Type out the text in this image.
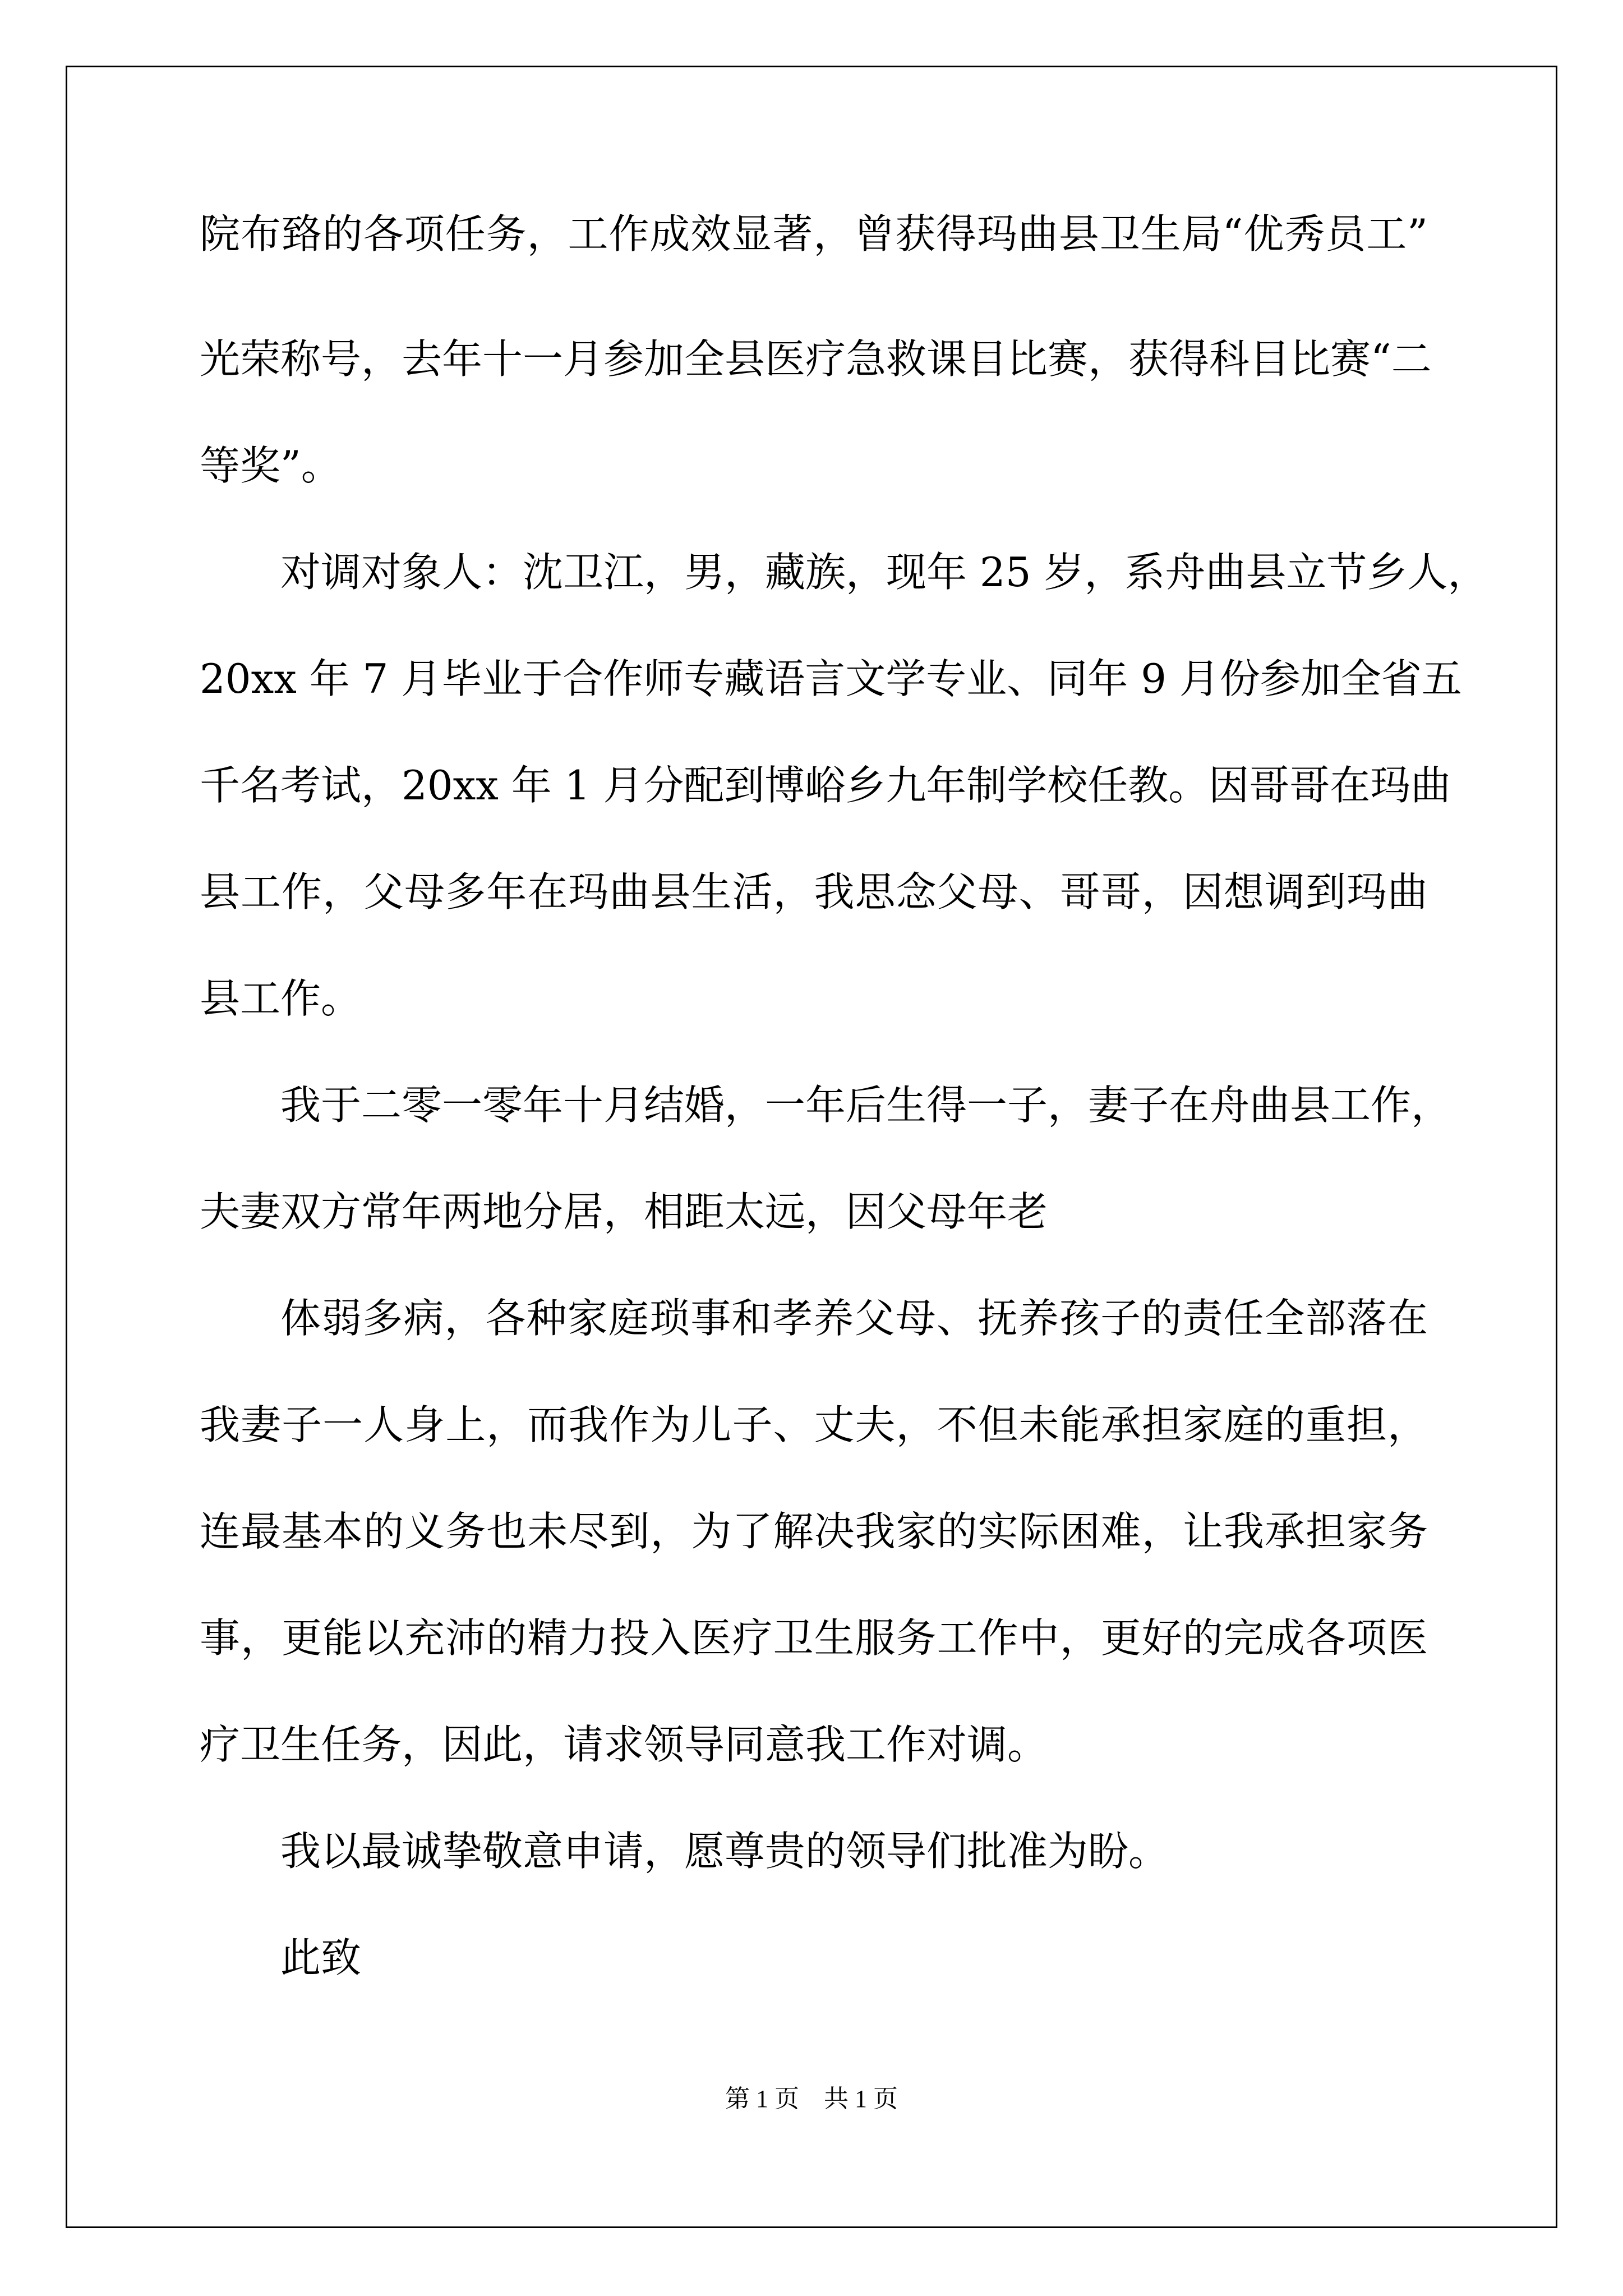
院布臵的各项任务，工作成效显著，曾获得玛曲县卫生局“优秀员工”
光荣称号，去年十一月参加全县医疗急救课目比赛，获得科目比赛“二
等奖”。
对调对象人：沈卫江，男，藏族，现年 25 岁，系舟曲县立节乡人，
20xx 年 7 月毕业于合作师专藏语言文学专业、同年 9 月份参加全省五
千名考试，20xx 年 1 月分配到博峪乡九年制学校任教。因哥哥在玛曲
县工作，父母多年在玛曲县生活，我思念父母、哥哥，因想调到玛曲
县工作。
我于二零一零年十月结婚，一年后生得一子，妻子在舟曲县工作，
夫妻双方常年两地分居，相距太远，因父母年老
体弱多病，各种家庭琐事和孝养父母、抚养孩子的责任全部落在
我妻子一人身上，而我作为儿子、丈夫，不但未能承担家庭的重担，
连最基本的义务也未尽到，为了解决我家的实际困难，让我承担家务
事，更能以充沛的精力投入医疗卫生服务工作中，更好的完成各项医
疗卫生任务，因此，请求领导同意我工作对调。
我以最诚挚敬意申请，愿尊贵的领导们批准为盼。
此致
第 1 页　共 1 页
